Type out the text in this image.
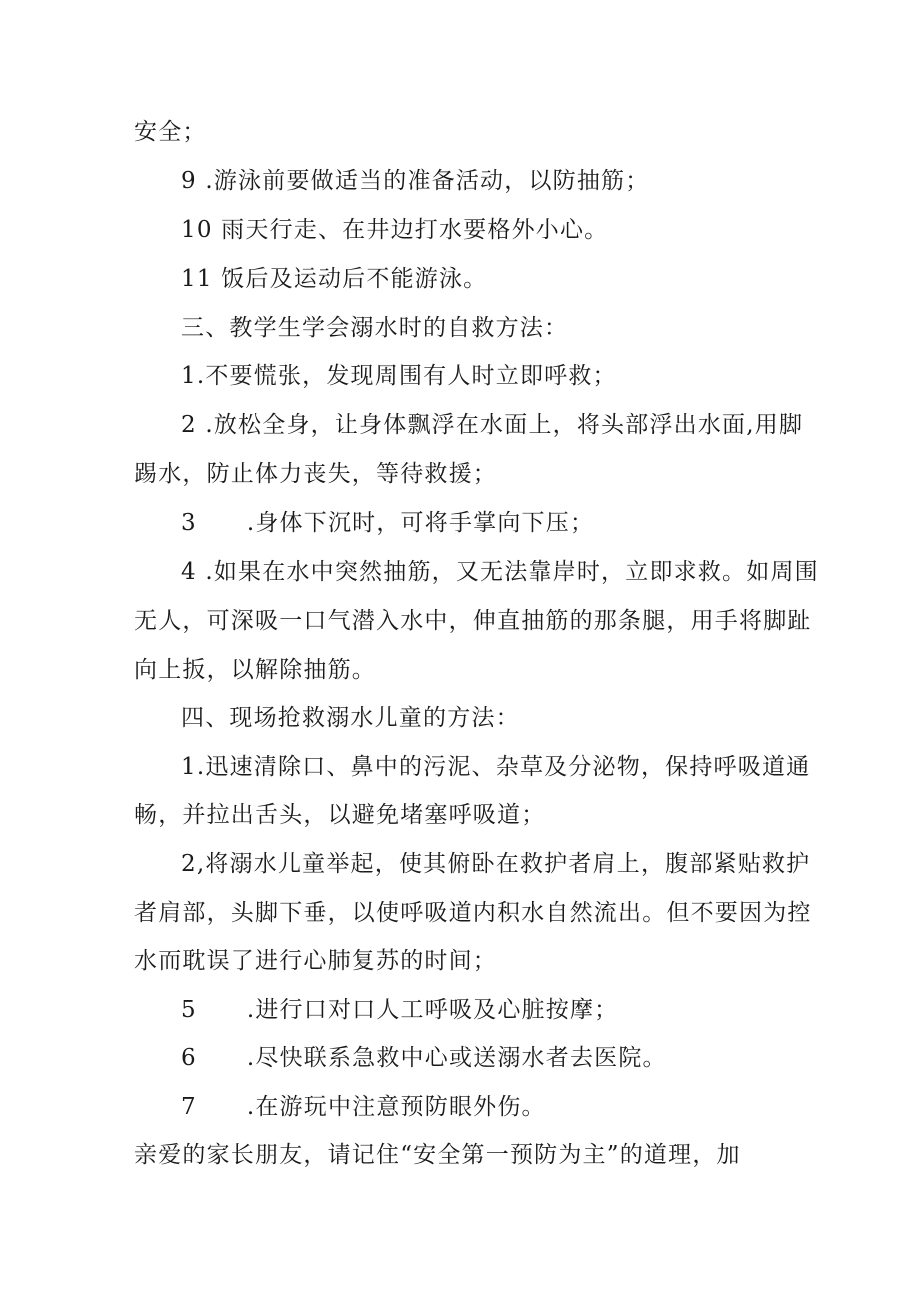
安全；
9 .游泳前要做适当的准备活动，以防抽筋；
10 雨天行走、在井边打水要格外小心。
11 饭后及运动后不能游泳。
三、教学生学会溺水时的自救方法：
1.不要慌张，发现周围有人时立即呼救；
2 .放松全身，让身体飘浮在水面上，将头部浮出水面,用脚
踢水，防止体力丧失，等待救援；
3 .身体下沉时，可将手掌向下压；
4 .如果在水中突然抽筋，又无法靠岸时，立即求救。如周围
无人，可深吸一口气潜入水中，伸直抽筋的那条腿，用手将脚趾
向上扳，以解除抽筋。
四、现场抢救溺水儿童的方法：
1.迅速清除口、鼻中的污泥、杂草及分泌物，保持呼吸道通
畅，并拉出舌头，以避免堵塞呼吸道；
2,将溺水儿童举起，使其俯卧在救护者肩上，腹部紧贴救护
者肩部，头脚下垂，以使呼吸道内积水自然流出。但不要因为控
水而耽误了进行心肺复苏的时间；
5 .进行口对口人工呼吸及心脏按摩；
6 .尽快联系急救中心或送溺水者去医院。
7 .在游玩中注意预防眼外伤。
亲爱的家长朋友，请记住“安全第一预防为主”的道理，加
